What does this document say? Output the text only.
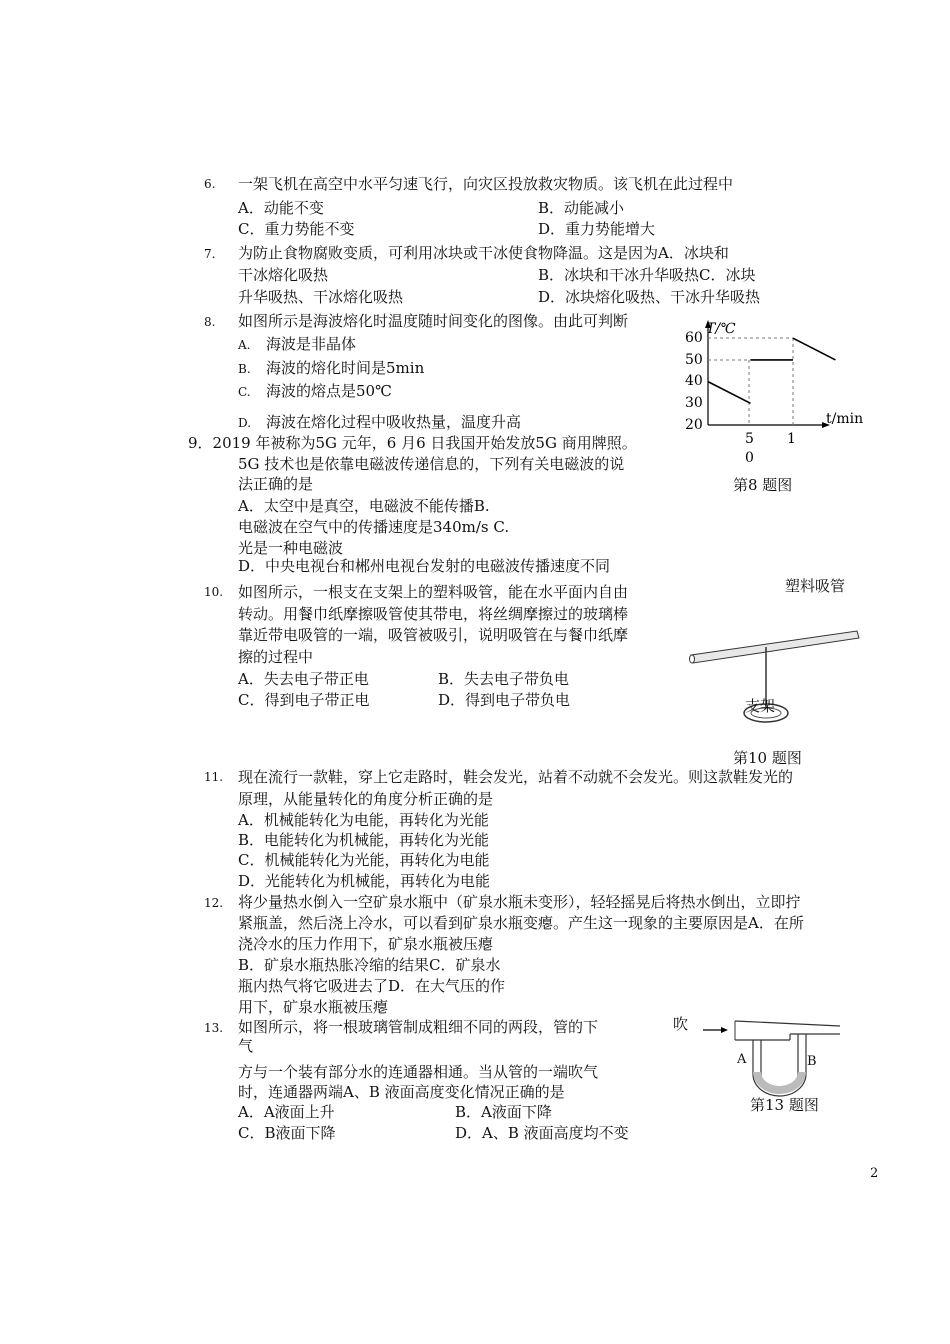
6. 一架飞机在高空中水平匀速飞行，向灾区投放救灾物质。该飞机在此过程中
A．动能不变	B．动能减小
C．重力势能不变	D．重力势能增大
7. 为防止食物腐败变质，可利用冰块或干冰使食物降温。这是因为A．冰块和
干冰熔化吸热	B．冰块和干冰升华吸热C．冰块
升华吸热、干冰熔化吸热	D．冰块熔化吸热、干冰升华吸热
8. 如图所示是海波熔化时温度随时间变化的图像。由此可判断
A. 海波是非晶体
B. 海波的熔化时间是5min
C. 海波的熔点是50℃
D. 海波在熔化过程中吸收热量，温度升高
T/℃
t/min
60
50
40
30
20
5
0
1
第8 题图
9．2019 年被称为5G 元年，6 月6 日我国开始发放5G 商用牌照。
5G 技术也是依靠电磁波传递信息的，下列有关电磁波的说
法正确的是
A．太空中是真空，电磁波不能传播B.
电磁波在空气中的传播速度是340m/s C.
光是一种电磁波
D．中央电视台和郴州电视台发射的电磁波传播速度不同
10. 如图所示，一根支在支架上的塑料吸管，能在水平面内自由
转动。用餐巾纸摩擦吸管使其带电，将丝绸摩擦过的玻璃棒
靠近带电吸管的一端，吸管被吸引，说明吸管在与餐巾纸摩
擦的过程中
A．失去电子带正电	B．失去电子带负电
C．得到电子带正电	D．得到电子带负电
塑料吸管
支架
第10 题图
11. 现在流行一款鞋，穿上它走路时，鞋会发光，站着不动就不会发光。则这款鞋发光的
原理，从能量转化的角度分析正确的是
A．机械能转化为电能，再转化为光能
B．电能转化为机械能，再转化为光能
C．机械能转化为光能，再转化为电能
D．光能转化为机械能，再转化为电能
12. 将少量热水倒入一空矿泉水瓶中（矿泉水瓶未变形），轻轻摇晃后将热水倒出，立即拧
紧瓶盖，然后浇上冷水，可以看到矿泉水瓶变瘪。产生这一现象的主要原因是A．在所
浇冷水的压力作用下，矿泉水瓶被压瘪
B．矿泉水瓶热胀冷缩的结果C．矿泉水
瓶内热气将它吸进去了D．在大气压的作
用下，矿泉水瓶被压瘪
13. 如图所示，将一根玻璃管制成粗细不同的两段，管的下
气
方与一个装有部分水的连通器相通。当从管的一端吹气
时，连通器两端A、B 液面高度变化情况正确的是
A．A液面上升	B．A液面下降
C．B液面下降	D．A、B 液面高度均不变
吹
A	B
第13 题图
2
